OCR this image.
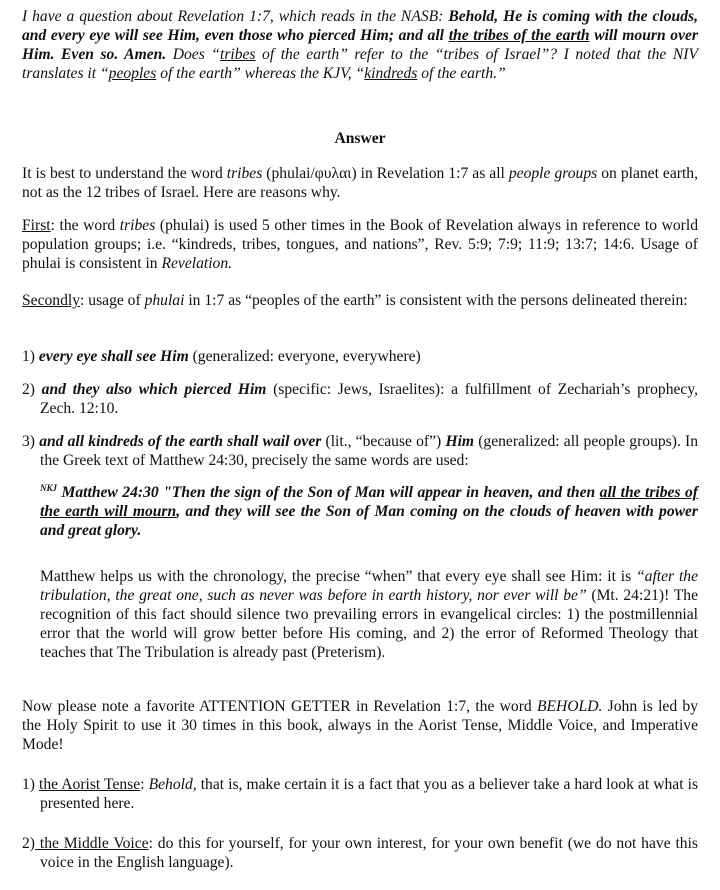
I have a question about Revelation 1:7, which reads in the NASB: Behold, He is coming with the clouds, and every eye will see Him, even those who pierced Him; and all the tribes of the earth will mourn over Him. Even so. Amen. Does “tribes of the earth” refer to the “tribes of Israel”? I noted that the NIV translates it “peoples of the earth” whereas the KJV, “kindreds of the earth.”

Answer

It is best to understand the word tribes (phulai/φυλαι) in Revelation 1:7 as all people groups on planet earth, not as the 12 tribes of Israel. Here are reasons why.

First: the word tribes (phulai) is used 5 other times in the Book of Revelation always in reference to world population groups; i.e. “kindreds, tribes, tongues, and nations”, Rev. 5:9; 7:9; 11:9; 13:7; 14:6. Usage of phulai is consistent in Revelation.

Secondly: usage of phulai in 1:7 as “peoples of the earth” is consistent with the persons delineated therein:

1) every eye shall see Him (generalized: everyone, everywhere)

2) and they also which pierced Him (specific: Jews, Israelites): a fulfillment of Zechariah’s prophecy, Zech. 12:10.

3) and all kindreds of the earth shall wail over (lit., “because of”) Him (generalized: all people groups). In the Greek text of Matthew 24:30, precisely the same words are used:

$^{NKJ}$ Matthew 24:30 "Then the sign of the Son of Man will appear in heaven, and then all the tribes of the earth will mourn, and they will see the Son of Man coming on the clouds of heaven with power and great glory.

Matthew helps us with the chronology, the precise “when” that every eye shall see Him: it is “after the tribulation, the great one, such as never was before in earth history, nor ever will be” (Mt. 24:21)! The recognition of this fact should silence two prevailing errors in evangelical circles: 1) the postmillennial error that the world will grow better before His coming, and 2) the error of Reformed Theology that teaches that The Tribulation is already past (Preterism).

Now please note a favorite ATTENTION GETTER in Revelation 1:7, the word BEHOLD. John is led by the Holy Spirit to use it 30 times in this book, always in the Aorist Tense, Middle Voice, and Imperative Mode!

1) the Aorist Tense: Behold, that is, make certain it is a fact that you as a believer take a hard look at what is presented here.

2) the Middle Voice: do this for yourself, for your own interest, for your own benefit (we do not have this voice in the English language).
